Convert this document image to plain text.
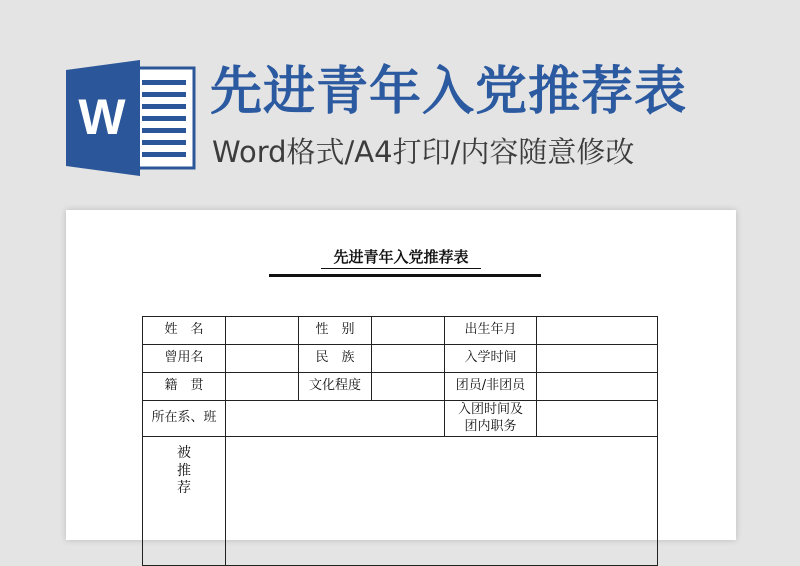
W 先进青年入党推荐表
Word格式/A4打印/内容随意修改
先进青年入党推荐表
姓　名		性　别		出生年月	
曾用名		民　族		入学时间	
籍　贯		文化程度		团员/非团员	
所在系、班				入团时间及
团内职务	

被
推
荐					
